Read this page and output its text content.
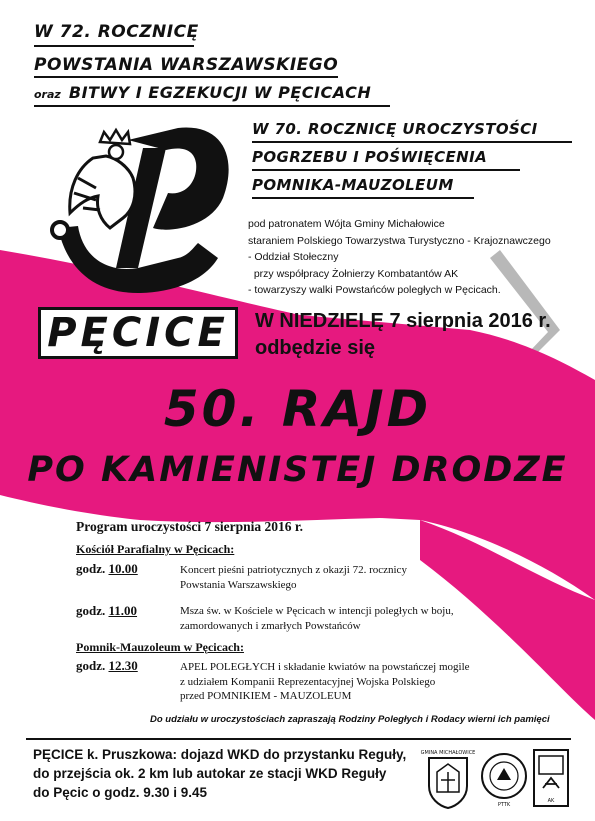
W 72. ROCZNICĘ
POWSTANIA WARSZAWSKIEGO
oraz BITWY I EGZEKUCJI W PĘCICACH
W 70. ROCZNICĘ UROCZYSTOŚCI
POGRZEBU I POŚWIĘCENIA
POMNIKA-MAUZOLEUM
pod patronatem Wójta Gminy Michałowice
staraniem Polskiego Towarzystwa Turystyczno - Krajoznawczego
- Oddział Stołeczny
przy współpracy Żołnierzy Kombatantów AK
- towarzyszy walki Powstańców poległych w Pęcicach.
PĘCICE W NIEDZIELĘ 7 sierpnia 2016 r.
odbędzie się
50. RAJD
PO KAMIENISTEJ DRODZE
Program uroczystości 7 sierpnia 2016 r.
Kościół Parafialny w Pęcicach:
godz. 10.00	Koncert pieśni patriotycznych z okazji 72. rocznicy
Powstania Warszawskiego
godz. 11.00	Msza św. w Kościele w Pęcicach w intencji poległych w boju,
zamordowanych i zmarłych Powstańców
Pomnik-Mauzoleum w Pęcicach:
godz. 12.30	APEL POLEGŁYCH i składanie kwiatów na powstańczej mogile
z udziałem Kompanii Reprezentacyjnej Wojska Polskiego
przed POMNIKIEM - MAUZOLEUM
Do udziału w uroczystościach zapraszają Rodziny Poległych i Rodacy wierni ich pamięci
PĘCICE k. Pruszkowa: dojazd WKD do przystanku Reguły,
do przejścia ok. 2 km lub autokar ze stacji WKD Reguły
do Pęcic o godz. 9.30 i 9.45
GMINA MICHAŁOWICE
PTTK
AK
